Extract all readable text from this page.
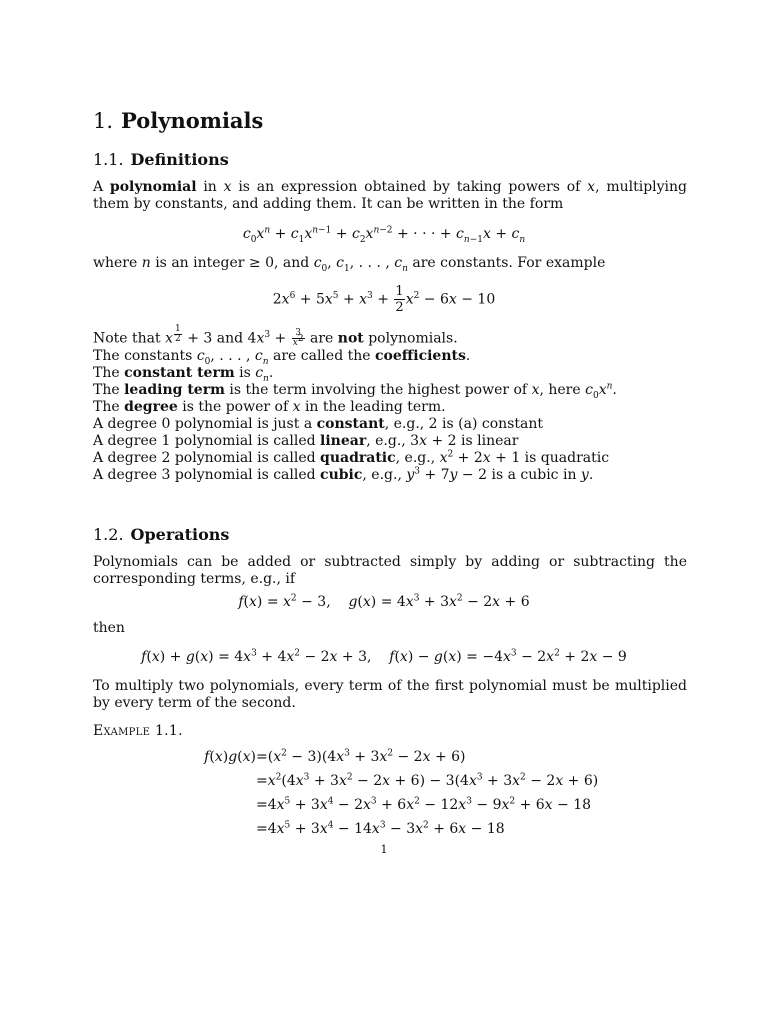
1. Polynomials
1.1. Definitions

A polynomial in x is an expression obtained by taking powers of x, multiplying them by constants, and adding them. It can be written in the form

$c_0x^n + c_1x^{n-1} + c_2x^{n-2}$ + · · · + $c_{n-1}x + c_n$

where n is an integer ≥ 0, and $c_0$, $c_1$, . . . , $c_n$ are constants. For example

$2x^6 + 5x^5 + x^3 + \frac{1}{2} x^2 - 6x - 10$
Note that x $^{\frac{1}{2}}$ + 3 and $4x^3 + \frac{3}{x^2}$ are not polynomials.
The constants $c_0$, . . . , $c_n$ are called the coefficients.
The constant term is $c_n$.
The leading term is the term involving the highest power of x, here $c_0x^n$.
The degree is the power of x in the leading term.
A degree 0 polynomial is just a constant, e.g., 2 is (a) constant
A degree 1 polynomial is called linear, e.g., 3x + 2 is linear
A degree 2 polynomial is called quadratic, e.g., $x^2 + 2x + 1$ is quadratic
A degree 3 polynomial is called cubic, e.g., $y^3 + 7y - 2$ is a cubic in y.
1.2. Operations

Polynomials can be added or subtracted simply by adding or subtracting the corresponding terms, e.g., if

$f(x) = x^2 - 3$,    $g(x) = 4x^3 + 3x^2 - 2x + 6$

then

$f(x) + g(x) = 4x^3 + 4x^2 - 2x + 3$,    $f(x) - g(x) = -4x^3 - 2x^2 + 2x - 9$

To multiply two polynomials, every term of the first polynomial must be multiplied by every term of the second.

Example 1.1.
$f(x)g(x) =(x^2 - 3)(4x^3 + 3x^2 - 2x + 6)$
$=x^2(4x^3 + 3x^2 - 2x + 6) - 3(4x^3 + 3x^2 - 2x + 6)$
$=4x^5 + 3x^4 - 2x^3 + 6x^2 - 12x^3 - 9x^2 + 6x - 18$
$=4x^5 + 3x^4 - 14x^3 - 3x^2 + 6x - 18$
1
